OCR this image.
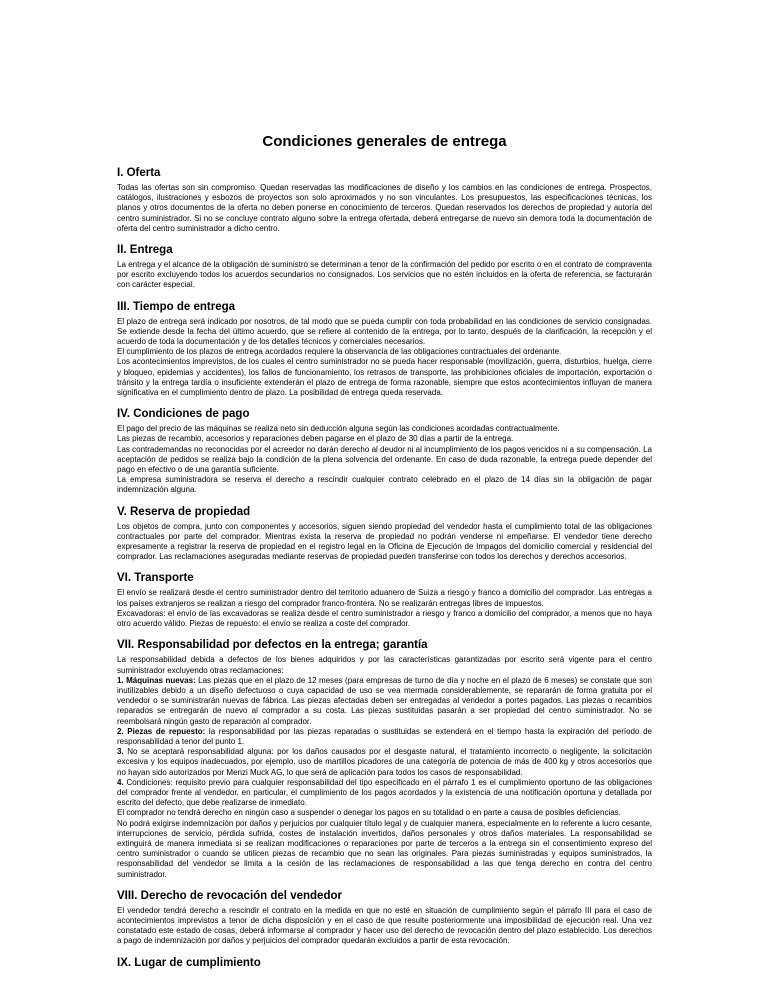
Condiciones generales de entrega
I. Oferta

Todas las ofertas son sin compromiso. Quedan reservadas las modificaciones de diseño y los cambios en las condiciones de entrega. Prospectos, catálogos, ilustraciones y esbozos de proyectos son solo aproximados y no son vinculantes. Los presupuestos, las especificaciones técnicas, los planos y otros documentos de la oferta no deben ponerse en conocimiento de terceros. Quedan reservados los derechos de propiedad y autoría del centro suministrador. Si no se concluye contrato alguno sobre la entrega ofertada, deberá entregarse de nuevo sin demora toda la documentación de oferta del centro suministrador a dicho centro.

II. Entrega

La entrega y el alcance de la obligación de suministro se determinan a tenor de la confirmación del pedido por escrito o en el contrato de compraventa por escrito excluyendo todos los acuerdos secundarios no consignados. Los servicios que no estén incluidos en la oferta de referencia, se facturarán con carácter especial.

III. Tiempo de entrega

El plazo de entrega será indicado por nosotros, de tal modo que se pueda cumplir con toda probabilidad en las condiciones de servicio consignadas. Se extiende desde la fecha del último acuerdo, que se refiere al contenido de la entrega, por lo tanto, después de la clarificación, la recepción y el acuerdo de toda la documentación y de los detalles técnicos y comerciales necesarios.

El cumplimiento de los plazos de entrega acordados requiere la observancia de las obligaciones contractuales del ordenante.

Los acontecimientos imprevistos, de los cuales el centro suministrador no se pueda hacer responsable (movilización, guerra, disturbios, huelga, cierre y bloqueo, epidemias y accidentes), los fallos de funcionamiento, los retrasos de transporte, las prohibiciones oficiales de importación, exportación o tránsito y la entrega tardía o insuficiente extenderán el plazo de entrega de forma razonable, siempre que estos acontecimientos influyan de manera significativa en el cumplimiento dentro de plazo. La posibilidad de entrega queda reservada.

IV. Condiciones de pago

El pago del precio de las máquinas se realiza neto sin deducción alguna según las condiciones acordadas contractualmente.

Las piezas de recambio, accesorios y reparaciones deben pagarse en el plazo de 30 días a partir de la entrega.

Las contrademandas no reconocidas por el acreedor no darán derecho al deudor ni al incumplimiento de los pagos vencidos ni a su compensación. La aceptación de pedidos se realiza bajo la condición de la plena solvencia del ordenante. En caso de duda razonable, la entrega puede depender del pago en efectivo o de una garantía suficiente.

La empresa suministradora se reserva el derecho a rescindir cualquier contrato celebrado en el plazo de 14 días sin la obligación de pagar indemnización alguna.

V. Reserva de propiedad

Los objetos de compra, junto con componentes y accesorios, siguen siendo propiedad del vendedor hasta el cumplimiento total de las obligaciones contractuales por parte del comprador. Mientras exista la reserva de propiedad no podrán venderse ni empeñarse. El vendedor tiene derecho expresamente a registrar la reserva de propiedad en el registro legal en la Oficina de Ejecución de Impagos del domicilio comercial y residencial del comprador. Las reclamaciones aseguradas mediante reservas de propiedad pueden transferirse con todos los derechos y derechos accesorios.

VI. Transporte

El envío se realizará desde el centro suministrador dentro del territorio aduanero de Suiza a riesgo y franco a domicilio del comprador. Las entregas a los países extranjeros se realizan a riesgo del comprador franco-frontera. No se realizarán entregas libres de impuestos.

Excavadoras: el envío de las excavadoras se realiza desde el centro suministrador a riesgo y franco a domicilio del comprador, a menos que no haya otro acuerdo válido. Piezas de repuesto: el envío se realiza a coste del comprador.

VII. Responsabilidad por defectos en la entrega; garantía

La responsabilidad debida a defectos de los bienes adquiridos y por las características garantizadas por escrito será vigente para el centro suministrador excluyendo otras reclamaciones:

1. Máquinas nuevas: Las piezas que en el plazo de 12 meses (para empresas de turno de día y noche en el plazo de 6 meses) se constate que son inutilizables debido a un diseño defectuoso o cuya capacidad de uso se vea mermada considerablemente, se repararán de forma gratuita por el vendedor o se suministrarán nuevas de fábrica. Las piezas afectadas deben ser entregadas al vendedor a portes pagados. Las piezas o recambios reparados se entregarán de nuevo al comprador a su costa. Las piezas sustituidas pasarán a ser propiedad del centro suministrador. No se reembolsará ningún gasto de reparación al comprador.

2. Piezas de repuesto: la responsabilidad por las piezas reparadas o sustituidas se extenderá en el tiempo hasta la expiración del período de responsabilidad a tenor del punto 1.

3. No se aceptará responsabilidad alguna: por los daños causados por el desgaste natural, el tratamiento incorrecto o negligente, la solicitación excesiva y los equipos inadecuados, por ejemplo, uso de martillos picadores de una categoría de potencia de más de 400 kg y otros accesorios que no hayan sido autorizados por Menzi Muck AG, lo que será de aplicación para todos los casos de responsabilidad.

4. Condiciones: requisito previo para cualquier responsabilidad del tipo especificado en el párrafo 1 es el cumplimiento oportuno de las obligaciones del comprador frente al vendedor, en particular, el cumplimiento de los pagos acordados y la existencia de una notificación oportuna y detallada por escrito del defecto, que debe realizarse de inmediato.

El comprador no tendrá derecho en ningún caso a suspender o denegar los pagos en su totalidad o en parte a causa de posibles deficiencias.

No podrá exigirse indemnización por daños y perjuicios por cualquier título legal y de cualquier manera, especialmente en lo referente a lucro cesante, interrupciones de servicio, pérdida sufrida, costes de instalación invertidos, daños personales y otros daños materiales. La responsabilidad se extinguirá de manera inmediata si se realizan modificaciones o reparaciones por parte de terceros a la entrega sin el consentimiento expreso del centro suministrador o cuando se utilicen piezas de recambio que no sean las originales. Para piezas suministradas y equipos suministrados, la responsabilidad del vendedor se limita a la cesión de las reclamaciones de responsabilidad a las que tenga derecho en contra del centro suministrador.

VIII. Derecho de revocación del vendedor

El vendedor tendrá derecho a rescindir el contrato en la medida en que no esté en situación de cumplimiento según el párrafo III para el caso de acontecimientos imprevistos a tenor de dicha disposición y en el caso de que resulte posteriormente una imposibilidad de ejecución real. Una vez constatado este estado de cosas, deberá informarse al comprador y hacer uso del derecho de revocación dentro del plazo establecido. Los derechos a pago de indemnización por daños y perjuicios del comprador quedarán excluidos a partir de esta revocación.

IX. Lugar de cumplimiento
